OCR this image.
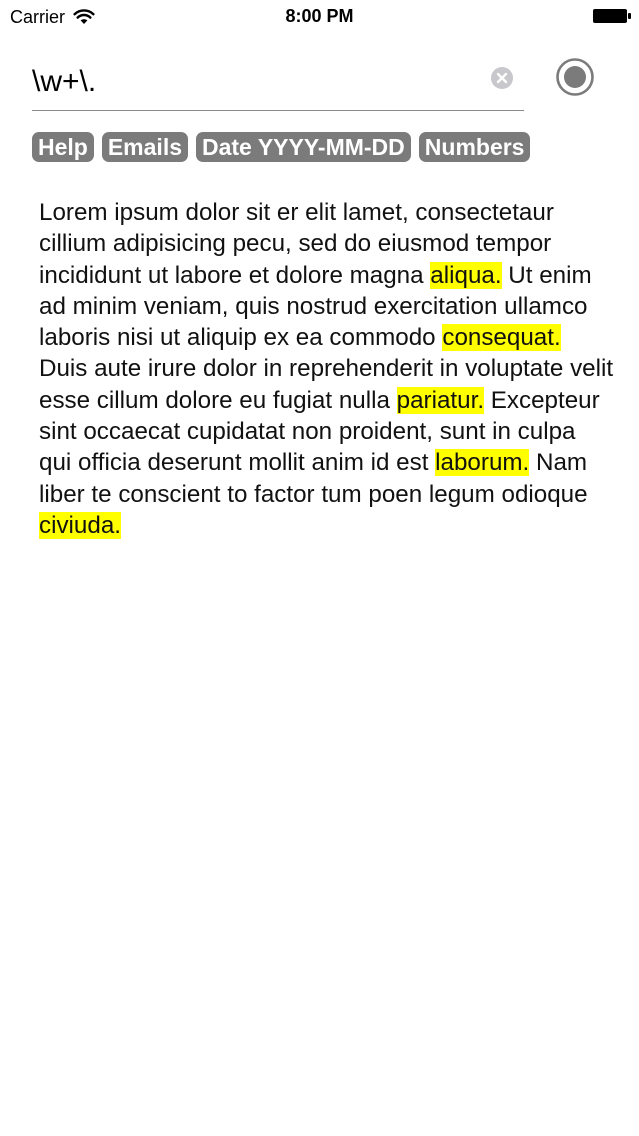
Carrier	8:00 PM
\w+\.
Help Emails Date YYYY-MM-DD Numbers
Lorem ipsum dolor sit er elit lamet, consectetaur cillium adipisicing pecu, sed do eiusmod tempor incididunt ut labore et dolore magna aliqua. Ut enim ad minim veniam, quis nostrud exercitation ullamco laboris nisi ut aliquip ex ea commodo consequat. Duis aute irure dolor in reprehenderit in voluptate velit esse cillum dolore eu fugiat nulla pariatur. Excepteur sint occaecat cupidatat non proident, sunt in culpa qui officia deserunt mollit anim id est laborum. Nam liber te conscient to factor tum poen legum odioque civiuda.
